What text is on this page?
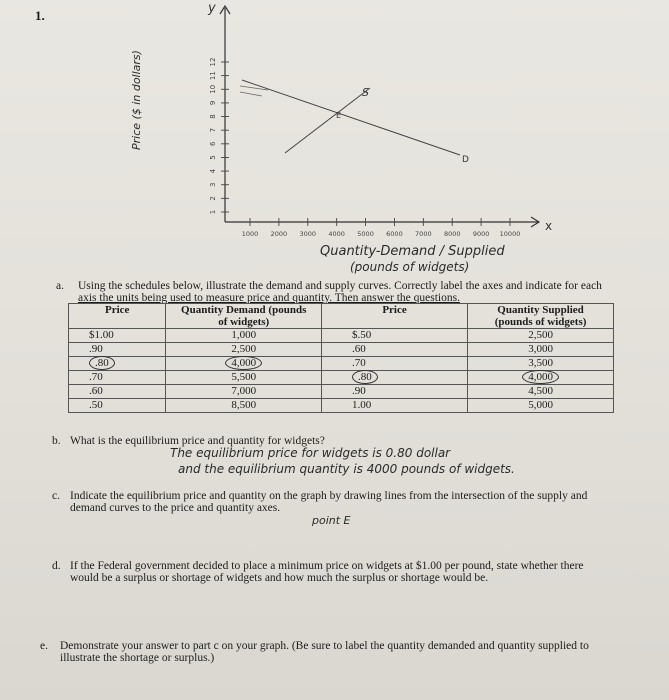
1.	y
x
1
2
3
4
5
6
7
8
9
10
11
12
1000 2000 3000 4000 5000 6000 7000 8000 9000 10000
S
D
E
Price ($ in dollars)
Quantity-Demand / Supplied
(pounds of widgets)
a. Using the schedules below, illustrate the demand and supply curves. Correctly label the axes and indicate for each
axis the units being used to measure price and quantity. Then answer the questions.
Price	Quantity Demand (pounds
of widgets)	Price	Quantity Supplied
(pounds of widgets)
$1.00	1,000	$.50	2,500
.90	2,500	.60	3,000
.80	4,000	.70	3,500
.70	5,500	.80	4,000
.60	7,000	.90	4,500
.50	8,500	1.00	5,000
b. What is the equilibrium price and quantity for widgets?
The equilibrium price for widgets is 0.80 dollar
and the equilibrium quantity is 4000 pounds of widgets.
c. Indicate the equilibrium price and quantity on the graph by drawing lines from the intersection of the supply and
demand curves to the price and quantity axes.
point E
d. If the Federal government decided to place a minimum price on widgets at $1.00 per pound, state whether there
would be a surplus or shortage of widgets and how much the surplus or shortage would be.
e. Demonstrate your answer to part c on your graph. (Be sure to label the quantity demanded and quantity supplied to
illustrate the shortage or surplus.)
